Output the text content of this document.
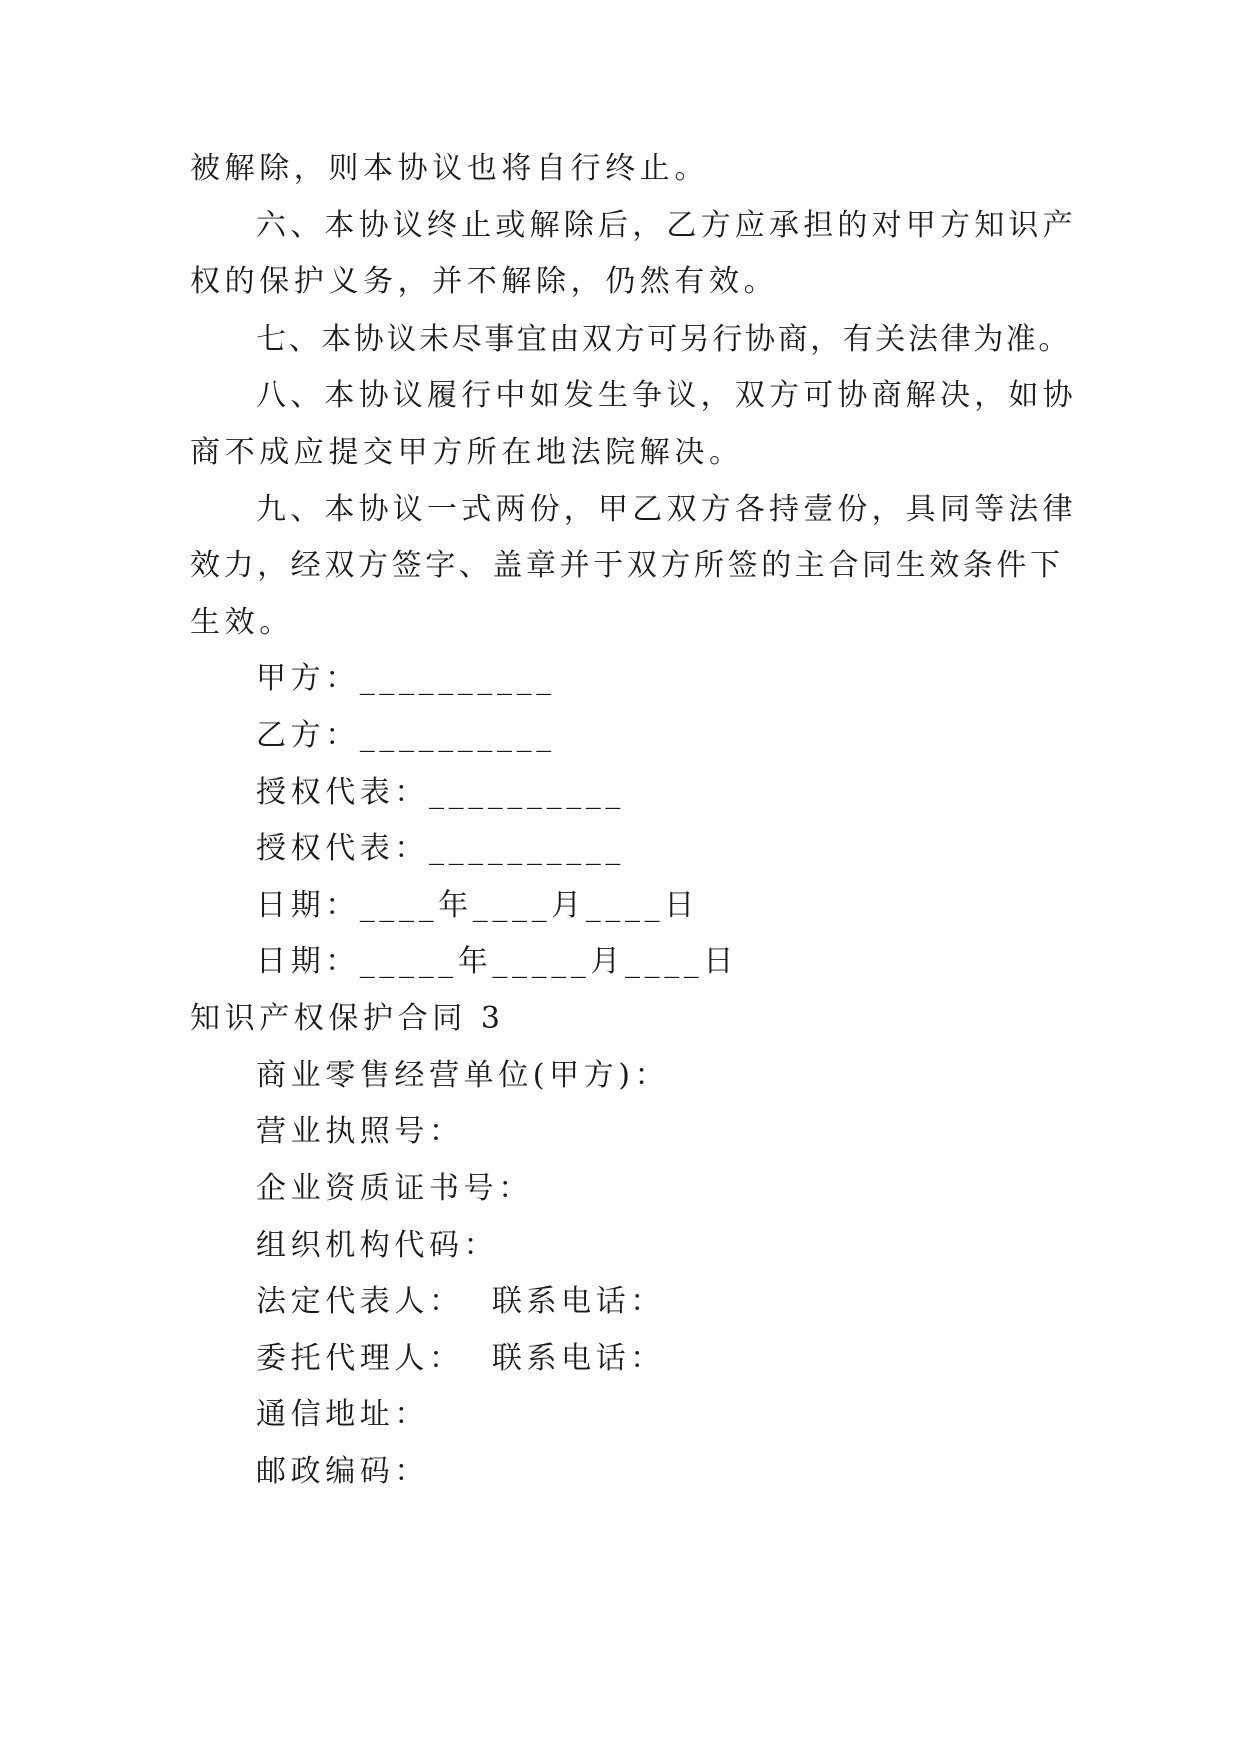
被解除，则本协议也将自行终止。
六、本协议终止或解除后，乙方应承担的对甲方知识产
权的保护义务，并不解除，仍然有效。
七、本协议未尽事宜由双方可另行协商，有关法律为准。
八、本协议履行中如发生争议，双方可协商解决，如协
商不成应提交甲方所在地法院解决。
九、本协议一式两份，甲乙双方各持壹份，具同等法律
效力，经双方签字、盖章并于双方所签的主合同生效条件下
生效。
甲方：__________
乙方：__________
授权代表：__________
授权代表：__________
日期：____年____月____日
日期：_____年_____月____日
知识产权保护合同 3
商业零售经营单位(甲方)：
营业执照号：
企业资质证书号：
组织机构代码：
法定代表人：  联系电话：
委托代理人：  联系电话：
通信地址：
邮政编码：
